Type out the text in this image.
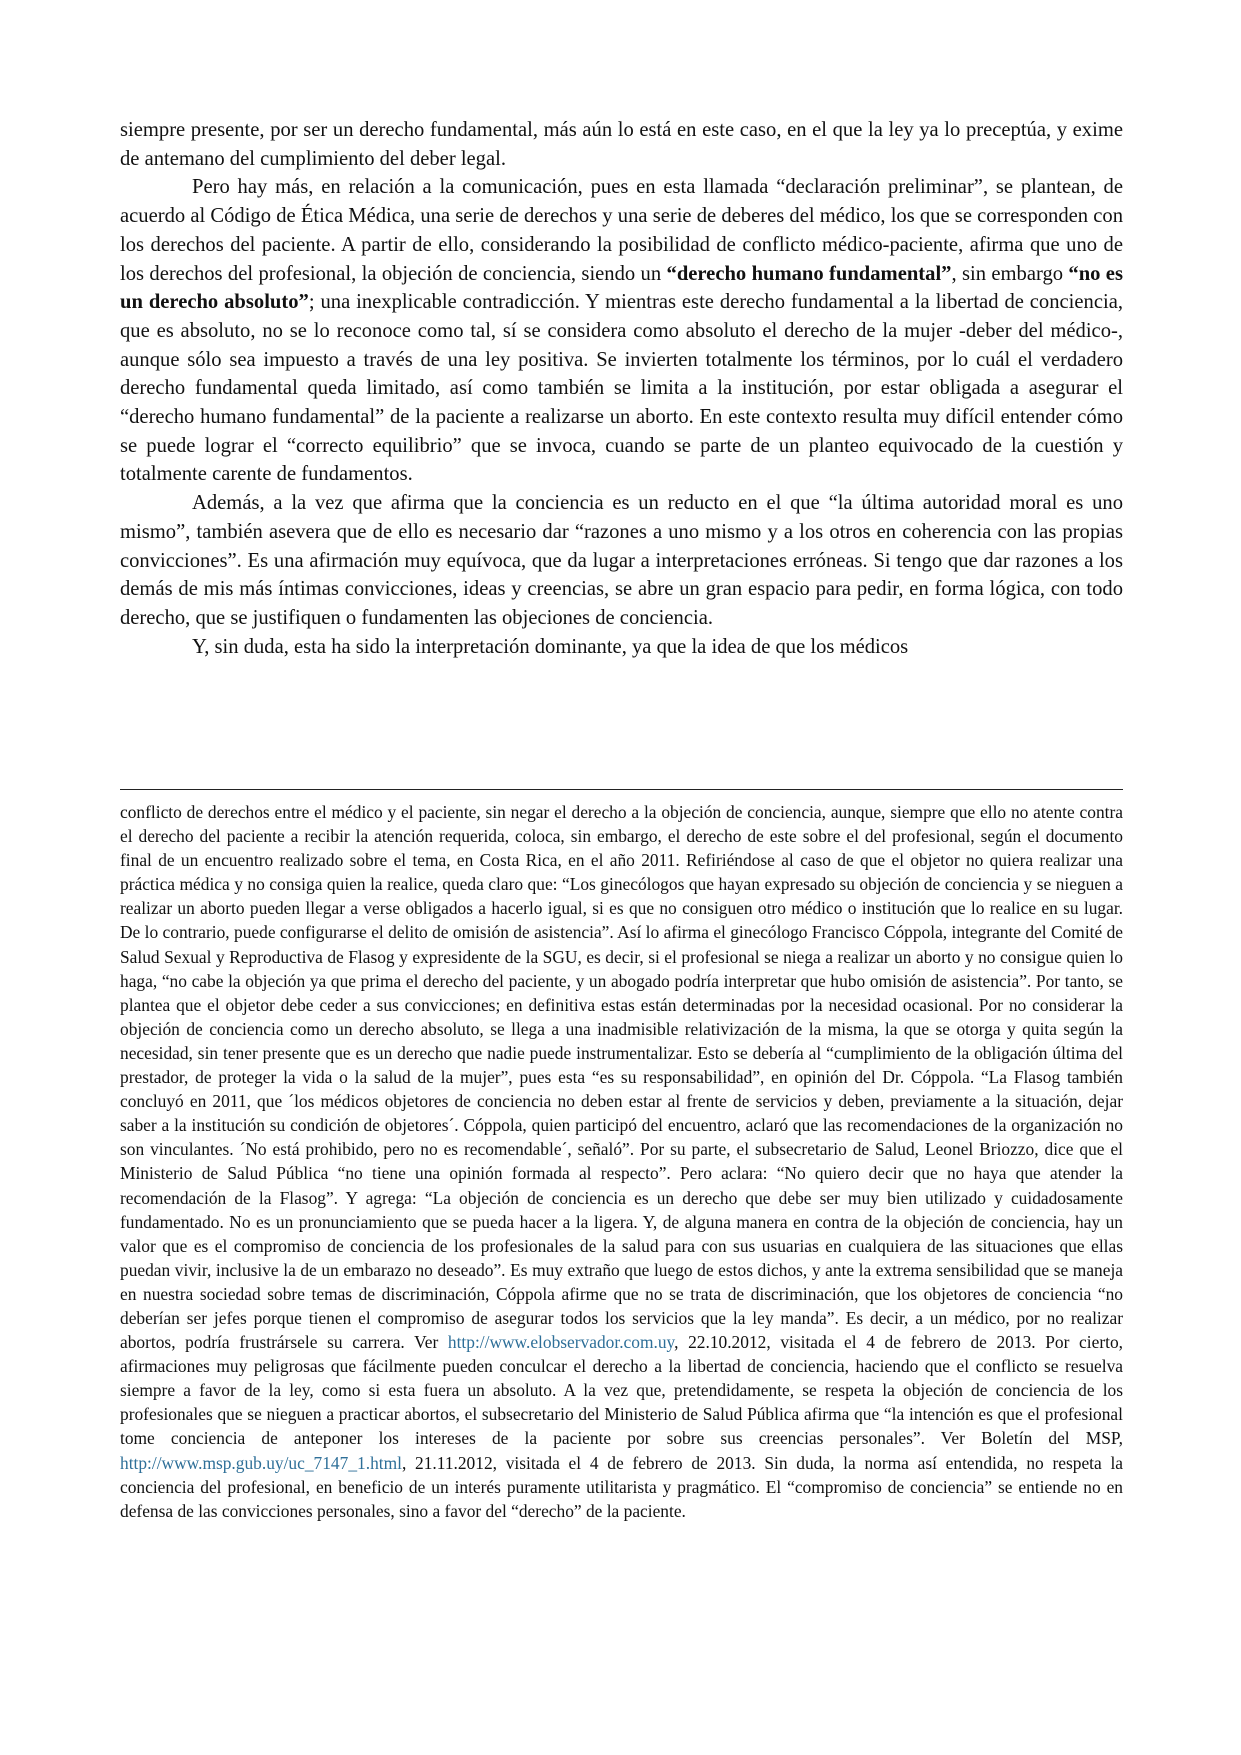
siempre presente, por ser un derecho fundamental, más aún lo está en este caso, en el que la ley ya lo preceptúa, y exime de antemano del cumplimiento del deber legal.

Pero hay más, en relación a la comunicación, pues en esta llamada “declaración preliminar”, se plantean, de acuerdo al Código de Ética Médica, una serie de derechos y una serie de deberes del médico, los que se corresponden con los derechos del paciente. A partir de ello, considerando la posibilidad de conflicto médico-paciente, afirma que uno de los derechos del profesional, la objeción de conciencia, siendo un “derecho humano fundamental”, sin embargo “no es un derecho absoluto”; una inexplicable contradicción. Y mientras este derecho fundamental a la libertad de conciencia, que es absoluto, no se lo reconoce como tal, sí se considera como absoluto el derecho de la mujer -deber del médico-, aunque sólo sea impuesto a través de una ley positiva. Se invierten totalmente los términos, por lo cuál el verdadero derecho fundamental queda limitado, así como también se limita a la institución, por estar obligada a asegurar el “derecho humano fundamental” de la paciente a realizarse un aborto. En este contexto resulta muy difícil entender cómo se puede lograr el “correcto equilibrio” que se invoca, cuando se parte de un planteo equivocado de la cuestión y totalmente carente de fundamentos.

Además, a la vez que afirma que la conciencia es un reducto en el que “la última autoridad moral es uno mismo”, también asevera que de ello es necesario dar “razones a uno mismo y a los otros en coherencia con las propias convicciones”. Es una afirmación muy equívoca, que da lugar a interpretaciones erróneas. Si tengo que dar razones a los demás de mis más íntimas convicciones, ideas y creencias, se abre un gran espacio para pedir, en forma lógica, con todo derecho, que se justifiquen o fundamenten las objeciones de conciencia.

Y, sin duda, esta ha sido la interpretación dominante, ya que la idea de que los médicos

conflicto de derechos entre el médico y el paciente, sin negar el derecho a la objeción de conciencia, aunque, siempre que ello no atente contra el derecho del paciente a recibir la atención requerida, coloca, sin embargo, el derecho de este sobre el del profesional, según el documento final de un encuentro realizado sobre el tema, en Costa Rica, en el año 2011. Refiriéndose al caso de que el objetor no quiera realizar una práctica médica y no consiga quien la realice, queda claro que: “Los ginecólogos que hayan expresado su objeción de conciencia y se nieguen a realizar un aborto pueden llegar a verse obligados a hacerlo igual, si es que no consiguen otro médico o institución que lo realice en su lugar. De lo contrario, puede configurarse el delito de omisión de asistencia”. Así lo afirma el ginecólogo Francisco Cóppola, integrante del Comité de Salud Sexual y Reproductiva de Flasog y expresidente de la SGU, es decir, si el profesional se niega a realizar un aborto y no consigue quien lo haga, “no cabe la objeción ya que prima el derecho del paciente, y un abogado podría interpretar que hubo omisión de asistencia”. Por tanto, se plantea que el objetor debe ceder a sus convicciones; en definitiva estas están determinadas por la necesidad ocasional. Por no considerar la objeción de conciencia como un derecho absoluto, se llega a una inadmisible relativización de la misma, la que se otorga y quita según la necesidad, sin tener presente que es un derecho que nadie puede instrumentalizar. Esto se debería al “cumplimiento de la obligación última del prestador, de proteger la vida o la salud de la mujer”, pues esta “es su responsabilidad”, en opinión del Dr. Cóppola. “La Flasog también concluyó en 2011, que ´los médicos objetores de conciencia no deben estar al frente de servicios y deben, previamente a la situación, dejar saber a la institución su condición de objetores´. Cóppola, quien participó del encuentro, aclaró que las recomendaciones de la organización no son vinculantes. ´No está prohibido, pero no es recomendable´, señaló”. Por su parte, el subsecretario de Salud, Leonel Briozzo, dice que el Ministerio de Salud Pública “no tiene una opinión formada al respecto”. Pero aclara: “No quiero decir que no haya que atender la recomendación de la Flasog”. Y agrega: “La objeción de conciencia es un derecho que debe ser muy bien utilizado y cuidadosamente fundamentado. No es un pronunciamiento que se pueda hacer a la ligera. Y, de alguna manera en contra de la objeción de conciencia, hay un valor que es el compromiso de conciencia de los profesionales de la salud para con sus usuarias en cualquiera de las situaciones que ellas puedan vivir, inclusive la de un embarazo no deseado”. Es muy extraño que luego de estos dichos, y ante la extrema sensibilidad que se maneja en nuestra sociedad sobre temas de discriminación, Cóppola afirme que no se trata de discriminación, que los objetores de conciencia “no deberían ser jefes porque tienen el compromiso de asegurar todos los servicios que la ley manda”. Es decir, a un médico, por no realizar abortos, podría frustrársele su carrera. Ver http://www.elobservador.com.uy, 22.10.2012, visitada el 4 de febrero de 2013. Por cierto, afirmaciones muy peligrosas que fácilmente pueden conculcar el derecho a la libertad de conciencia, haciendo que el conflicto se resuelva siempre a favor de la ley, como si esta fuera un absoluto. A la vez que, pretendidamente, se respeta la objeción de conciencia de los profesionales que se nieguen a practicar abortos, el subsecretario del Ministerio de Salud Pública afirma que “la intención es que el profesional tome conciencia de anteponer los intereses de la paciente por sobre sus creencias personales”. Ver Boletín del MSP, http://www.msp.gub.uy/uc_7147_1.html, 21.11.2012, visitada el 4 de febrero de 2013. Sin duda, la norma así entendida, no respeta la conciencia del profesional, en beneficio de un interés puramente utilitarista y pragmático. El “compromiso de conciencia” se entiende no en defensa de las convicciones personales, sino a favor del “derecho” de la paciente.
